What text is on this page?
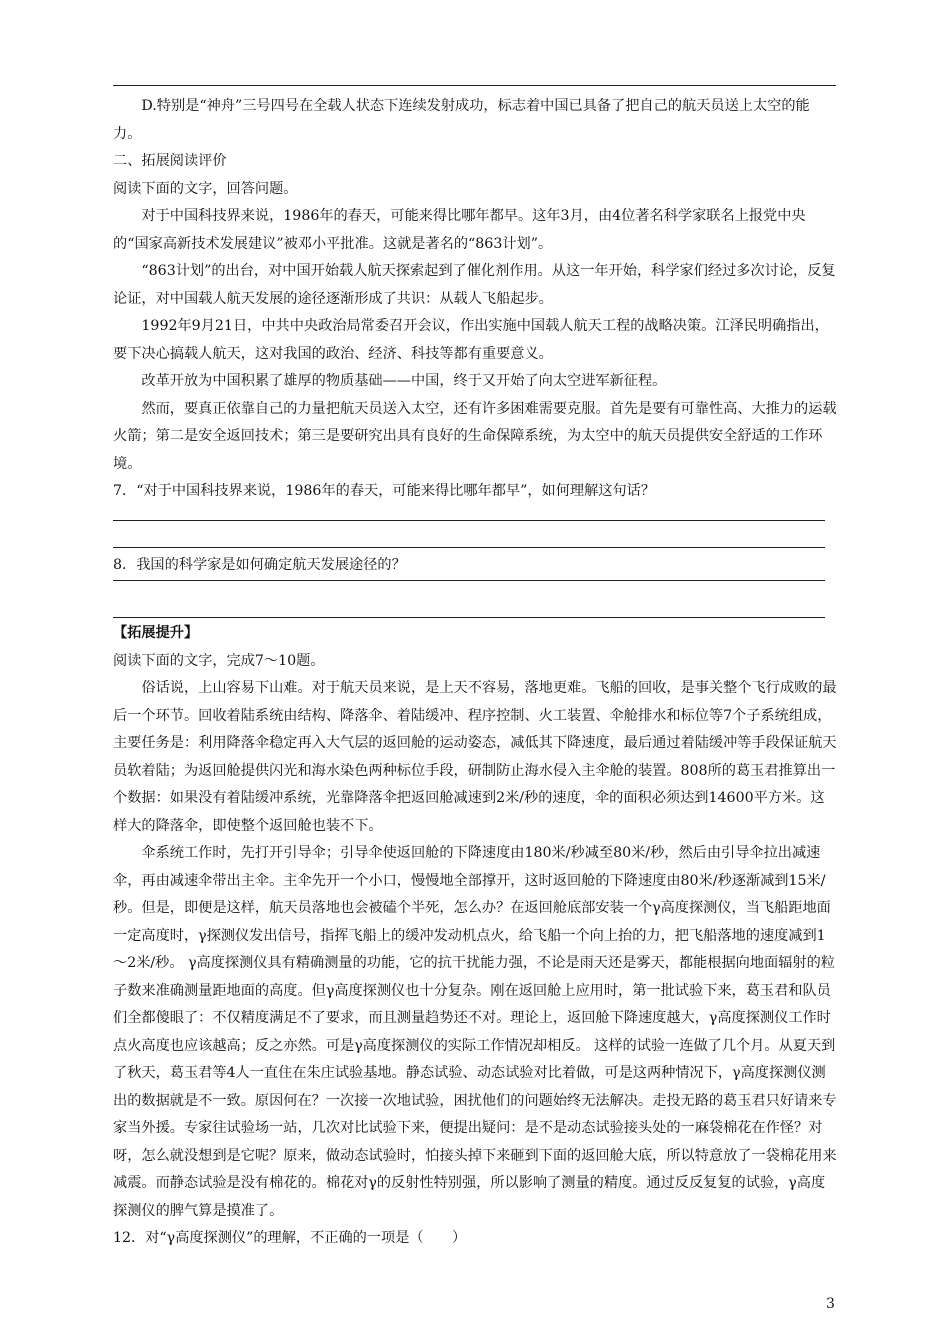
D.特别是“神舟”三号四号在全载人状态下连续发射成功，标志着中国已具备了把自己的航天员送上太空的能力。

二、拓展阅读评价

阅读下面的文字，回答问题。

对于中国科技界来说，1986年的春天，可能来得比哪年都早。这年3月，由4位著名科学家联名上报党中央的“国家高新技术发展建议”被邓小平批准。这就是著名的“863计划”。

“863计划”的出台，对中国开始载人航天探索起到了催化剂作用。从这一年开始，科学家们经过多次讨论，反复论证，对中国载人航天发展的途径逐渐形成了共识：从载人飞船起步。

1992年9月21日，中共中央政治局常委召开会议，作出实施中国载人航天工程的战略决策。江泽民明确指出，要下决心搞载人航天，这对我国的政治、经济、科技等都有重要意义。

改革开放为中国积累了雄厚的物质基础——中国，终于又开始了向太空进军新征程。

然而，要真正依靠自己的力量把航天员送入太空，还有许多困难需要克服。首先是要有可靠性高、大推力的运载火箭；第二是安全返回技术；第三是要研究出具有良好的生命保障系统，为太空中的航天员提供安全舒适的工作环境。

7．“对于中国科技界来说，1986年的春天，可能来得比哪年都早”，如何理解这句话？

8．我国的科学家是如何确定航天发展途径的？

【拓展提升】

阅读下面的文字，完成7～10题。

俗话说，上山容易下山难。对于航天员来说，是上天不容易，落地更难。飞船的回收，是事关整个飞行成败的最后一个环节。回收着陆系统由结构、降落伞、着陆缓冲、程序控制、火工装置、伞舱排水和标位等7个子系统组成，主要任务是：利用降落伞稳定再入大气层的返回舱的运动姿态，减低其下降速度，最后通过着陆缓冲等手段保证航天员软着陆；为返回舱提供闪光和海水染色两种标位手段，研制防止海水侵入主伞舱的装置。808所的葛玉君推算出一个数据：如果没有着陆缓冲系统，光靠降落伞把返回舱减速到2米/秒的速度，伞的面积必须达到14600平方米。这样大的降落伞，即使整个返回舱也装不下。

伞系统工作时，先打开引导伞；引导伞使返回舱的下降速度由180米/秒减至80米/秒，然后由引导伞拉出减速伞，再由减速伞带出主伞。主伞先开一个小口，慢慢地全部撑开，这时返回舱的下降速度由80米/秒逐渐减到15米/秒。但是，即便是这样，航天员落地也会被磕个半死，怎么办？在返回舱底部安装一个γ高度探测仪，当飞船距地面一定高度时，γ探测仪发出信号，指挥飞船上的缓冲发动机点火，给飞船一个向上抬的力，把飞船落地的速度减到1～2米/秒。 γ高度探测仪具有精确测量的功能，它的抗干扰能力强，不论是雨天还是雾天，都能根据向地面辐射的粒子数来准确测量距地面的高度。但γ高度探测仪也十分复杂。刚在返回舱上应用时，第一批试验下来，葛玉君和队员们全都傻眼了：不仅精度满足不了要求，而且测量趋势还不对。理论上，返回舱下降速度越大，γ高度探测仪工作时点火高度也应该越高；反之亦然。可是γ高度探测仪的实际工作情况却相反。 这样的试验一连做了几个月。从夏天到了秋天，葛玉君等4人一直住在朱庄试验基地。静态试验、动态试验对比着做，可是这两种情况下，γ高度探测仪测出的数据就是不一致。原因何在？一次接一次地试验，困扰他们的问题始终无法解决。走投无路的葛玉君只好请来专家当外援。专家往试验场一站，几次对比试验下来，便提出疑问：是不是动态试验接头处的一麻袋棉花在作怪？对呀，怎么就没想到是它呢？原来，做动态试验时，怕接头掉下来砸到下面的返回舱大底，所以特意放了一袋棉花用来减震。而静态试验是没有棉花的。棉花对γ的反射性特别强，所以影响了测量的精度。通过反反复复的试验，γ高度探测仪的脾气算是摸准了。

12．对“γ高度探测仪”的理解，不正确的一项是（　　）

3
